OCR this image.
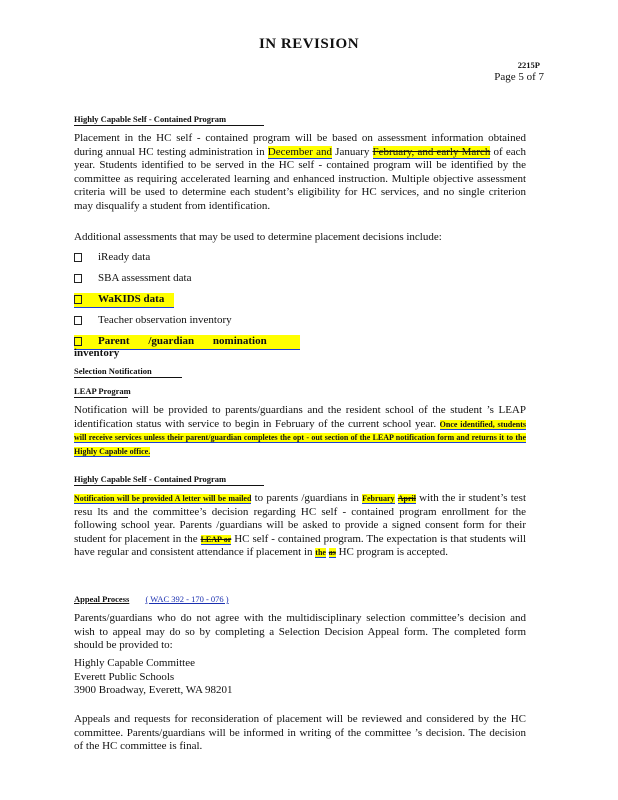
IN REVISION
2215P
Page 5 of 7
Highly Capable Self - Contained Program
Placement in the HC self - contained program will be based on assessment information obtained during annual HC testing administration in December and January February, and early March of each year. Students identified to be served in the HC self - contained program will be identified by the committee as requiring accelerated learning and enhanced instruction. Multiple objective assessment criteria will be used to determine each student’s eligibility for HC services, and no single criterion may disqualify a student from identification.
Additional assessments that may be used to determine placement decisions include:
iReady data
SBA assessment data
WaKIDS data
Teacher observation inventory
Parent /guardian nomination inventory
Selection Notification
LEAP Program
Notification will be provided to parents/guardians and the resident school of the student ’s LEAP identification status with service to begin in February of the current school year. Once identified, students will receive services unless their parent/guardian completes the opt - out section of the LEAP notification form and returns it to the Highly Capable office.
Highly Capable Self - Contained Program
Notification will be provided A letter will be mailed to parents /guardians in February April with the ir student’s test resu lts and the committee’s decision regarding HC self - contained program enrollment for the following school year. Parents /guardians will be asked to provide a signed consent form for their student for placement in the LEAP or HC self - contained program. The expectation is that students will have regular and consistent attendance if placement in the as HC program is accepted.
Appeal Process ( WAC 392 - 170 - 076 )
Parents/guardians who do not agree with the multidisciplinary selection committee’s decision and wish to appeal may do so by completing a Selection Decision Appeal form. The completed form should be provided to:
Highly Capable Committee
Everett Public Schools
3900 Broadway, Everett, WA 98201
Appeals and requests for reconsideration of placement will be reviewed and considered by the HC committee. Parents/guardians will be informed in writing of the committee ’s decision. The decision of the HC committee is final.
